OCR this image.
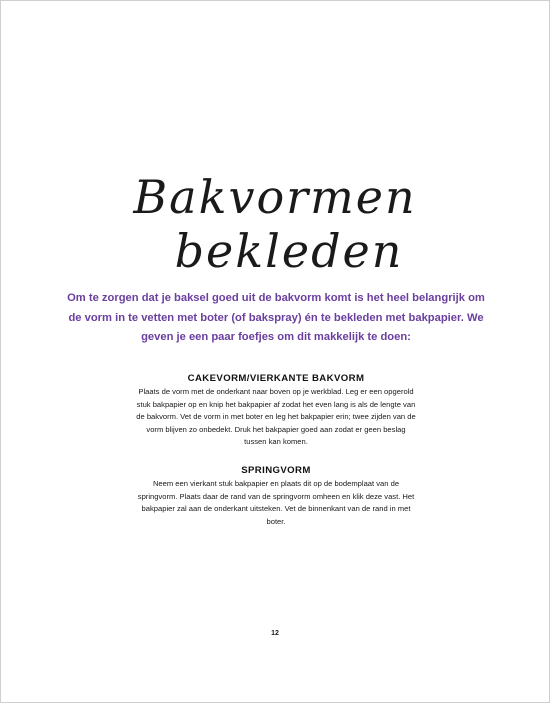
Bakvormen
bekleden

Om te zorgen dat je baksel goed uit de bakvorm komt is het heel belangrijk om de vorm in te vetten met boter (of bakspray) én te bekleden met bakpapier. We geven je een paar foefjes om dit makkelijk te doen:

CAKEVORM/VIERKANTE BAKVORM

Plaats de vorm met de onderkant naar boven op je werkblad. Leg er een opgerold stuk bakpapier op en knip het bakpapier af zodat het even lang is als de lengte van de bakvorm. Vet de vorm in met boter en leg het bakpapier erin; twee zijden van de vorm blijven zo onbedekt. Druk het bakpapier goed aan zodat er geen beslag tussen kan komen.

SPRINGVORM

Neem een vierkant stuk bakpapier en plaats dit op de bodemplaat van de springvorm. Plaats daar de rand van de springvorm omheen en klik deze vast. Het bakpapier zal aan de onderkant uitsteken. Vet de binnenkant van de rand in met boter.

12
